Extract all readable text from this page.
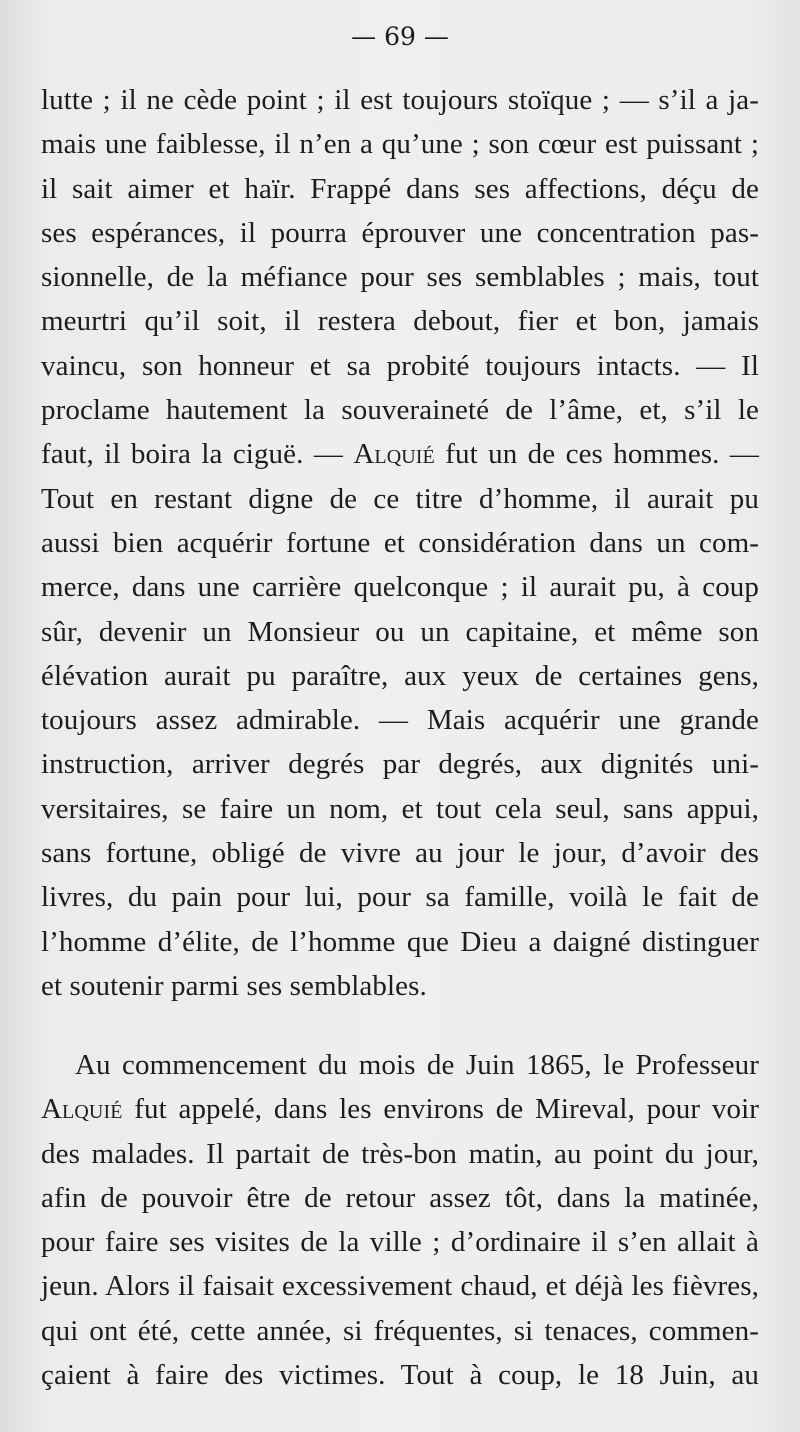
— 69 —
lutte ; il ne cède point ; il est toujours stoïque ; — s’il a ja-
mais une faiblesse, il n’en a qu’une ; son cœur est puissant ;
il sait aimer et haïr. Frappé dans ses affections, déçu de
ses espérances, il pourra éprouver une concentration pas-
sionnelle, de la méfiance pour ses semblables ; mais, tout
meurtri qu’il soit, il restera debout, fier et bon, jamais
vaincu, son honneur et sa probité toujours intacts. — Il
proclame hautement la souveraineté de l’âme, et, s’il le
faut, il boira la ciguë. — Alquié fut un de ces hommes. —
Tout en restant digne de ce titre d’homme, il aurait pu
aussi bien acquérir fortune et considération dans un com-
merce, dans une carrière quelconque ; il aurait pu, à coup
sûr, devenir un Monsieur ou un capitaine, et même son
élévation aurait pu paraître, aux yeux de certaines gens,
toujours assez admirable. — Mais acquérir une grande
instruction, arriver degrés par degrés, aux dignités uni-
versitaires, se faire un nom, et tout cela seul, sans appui,
sans fortune, obligé de vivre au jour le jour, d’avoir des
livres, du pain pour lui, pour sa famille, voilà le fait de
l’homme d’élite, de l’homme que Dieu a daigné distinguer
et soutenir parmi ses semblables.
Au commencement du mois de Juin 1865, le Professeur
Alquié fut appelé, dans les environs de Mireval, pour voir
des malades. Il partait de très-bon matin, au point du jour,
afin de pouvoir être de retour assez tôt, dans la matinée,
pour faire ses visites de la ville ; d’ordinaire il s’en allait à
jeun. Alors il faisait excessivement chaud, et déjà les fièvres,
qui ont été, cette année, si fréquentes, si tenaces, commen-
çaient à faire des victimes. Tout à coup, le 18 Juin, au
